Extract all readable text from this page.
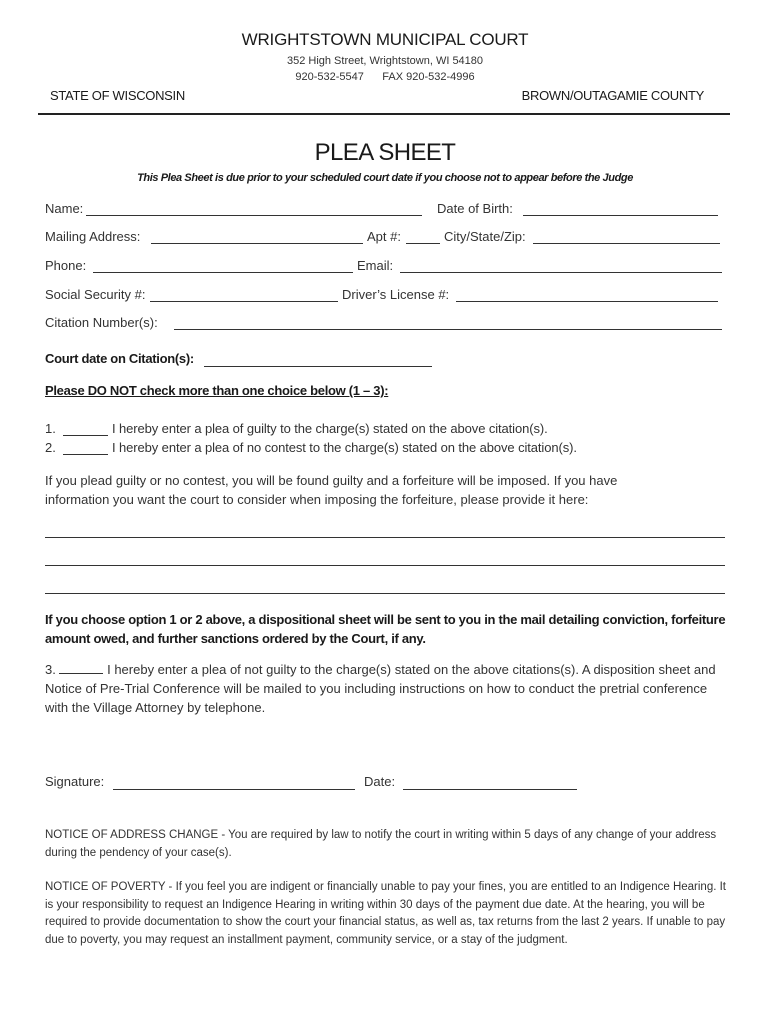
WRIGHTSTOWN MUNICIPAL COURT
352 High Street, Wrightstown, WI 54180
920-532-5547 FAX 920-532-4996
STATE OF WISCONSIN	BROWN/OUTAGAMIE COUNTY
PLEA SHEET
This Plea Sheet is due prior to your scheduled court date if you choose not to appear before the Judge
Name:	Date of Birth:
Mailing Address:	Apt #:	City/State/Zip:
Phone:	Email:
Social Security #:	Driver’s License #:
Citation Number(s):
Court date on Citation(s):
Please DO NOT check more than one choice below (1 – 3):
1.	I hereby enter a plea of guilty to the charge(s) stated on the above citation(s).
2.	I hereby enter a plea of no contest to the charge(s) stated on the above citation(s).
If you plead guilty or no contest, you will be found guilty and a forfeiture will be imposed. If you have information you want the court to consider when imposing the forfeiture, please provide it here:
If you choose option 1 or 2 above, a dispositional sheet will be sent to you in the mail detailing conviction, forfeiture amount owed, and further sanctions ordered by the Court, if any.
3.	I hereby enter a plea of not guilty to the charge(s) stated on the above citations(s). A disposition sheet and Notice of Pre-Trial Conference will be mailed to you including instructions on how to conduct the pretrial conference with the Village Attorney by telephone.
Signature:	Date:
NOTICE OF ADDRESS CHANGE - You are required by law to notify the court in writing within 5 days of any change of your address during the pendency of your case(s).
NOTICE OF POVERTY - If you feel you are indigent or financially unable to pay your fines, you are entitled to an Indigence Hearing. It is your responsibility to request an Indigence Hearing in writing within 30 days of the payment due date. At the hearing, you will be required to provide documentation to show the court your financial status, as well as, tax returns from the last 2 years. If unable to pay due to poverty, you may request an installment payment, community service, or a stay of the judgment.
